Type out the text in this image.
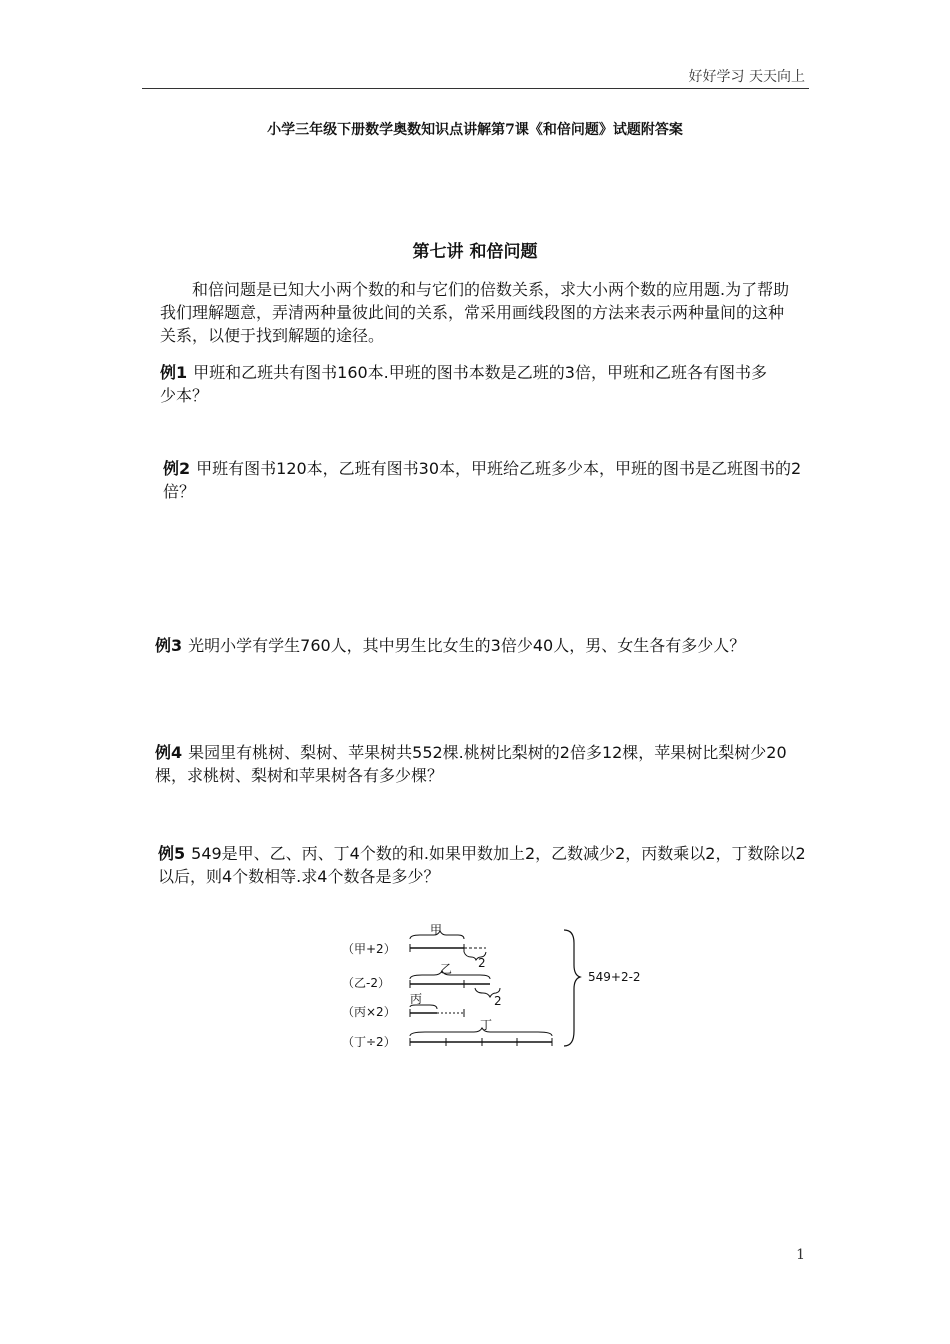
好好学习 天天向上
小学三年级下册数学奥数知识点讲解第7课《和倍问题》试题附答案
第七讲 和倍问题
和倍问题是已知大小两个数的和与它们的倍数关系，求大小两个数的应用题.为了帮助我们理解题意，弄清两种量彼此间的关系，常采用画线段图的方法来表示两种量间的这种关系，以便于找到解题的途径。
例1 甲班和乙班共有图书160本.甲班的图书本数是乙班的3倍，甲班和乙班各有图书多少本？
例2 甲班有图书120本，乙班有图书30本，甲班给乙班多少本，甲班的图书是乙班图书的2倍？
例3 光明小学有学生760人，其中男生比女生的3倍少40人，男、女生各有多少人？
例4 果园里有桃树、梨树、苹果树共552棵.桃树比梨树的2倍多12棵，苹果树比梨树少20棵，求桃树、梨树和苹果树各有多少棵？
例5 549是甲、乙、丙、丁4个数的和.如果甲数加上2，乙数减少2，丙数乘以2，丁数除以2以后，则4个数相等.求4个数各是多少？
（甲+2）
（乙-2）
（丙×2）
（丁÷2）
甲
2
乙
2
丙
丁
549+2-2
1
